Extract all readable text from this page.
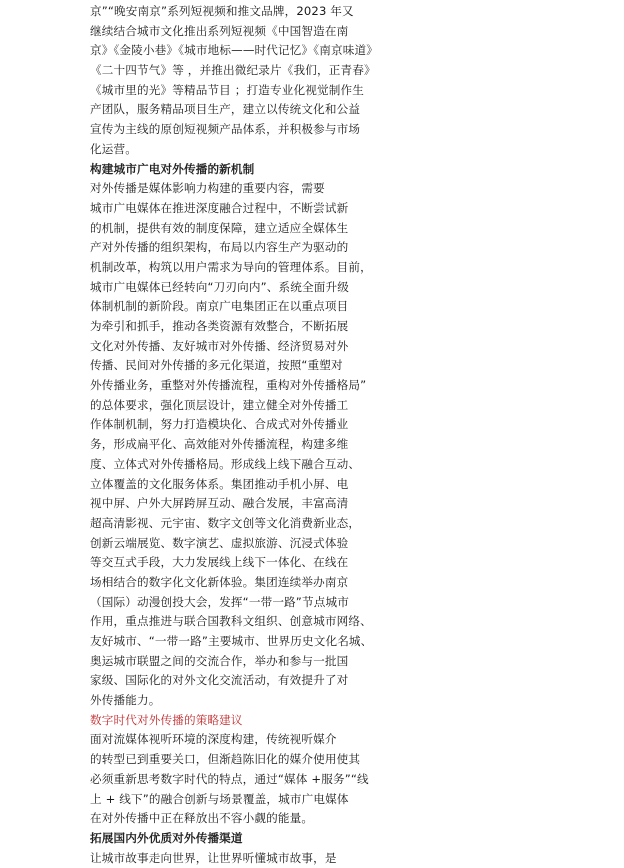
京”“晚安南京”系列短视频和推文品牌，2023 年又
继续结合城市文化推出系列短视频《中国智造在南
京》《金陵小巷》《城市地标——时代记忆》《南京味道》
《二十四节气》等 ，并推出微纪录片《我们，正青春》
《城市里的光》等精品节目 ；打造专业化视觉制作生
产团队，服务精品项目生产，建立以传统文化和公益
宣传为主线的原创短视频产品体系，并积极参与市场
化运营。
构建城市广电对外传播的新机制
对外传播是媒体影响力构建的重要内容，需要
城市广电媒体在推进深度融合过程中，不断尝试新
的机制，提供有效的制度保障，建立适应全媒体生
产对外传播的组织架构，布局以内容生产为驱动的
机制改革，构筑以用户需求为导向的管理体系。目前，
城市广电媒体已经转向“刀刃向内”、系统全面升级
体制机制的新阶段。南京广电集团正在以重点项目
为牵引和抓手，推动各类资源有效整合，不断拓展
文化对外传播、友好城市对外传播、经济贸易对外
传播、民间对外传播的多元化渠道，按照“重塑对
外传播业务，重整对外传播流程，重构对外传播格局”
的总体要求，强化顶层设计，建立健全对外传播工
作体制机制，努力打造模块化、合成式对外传播业
务，形成扁平化、高效能对外传播流程，构建多维
度、立体式对外传播格局。形成线上线下融合互动、
立体覆盖的文化服务体系。集团推动手机小屏、电
视中屏、户外大屏跨屏互动、融合发展，丰富高清
超高清影视、元宇宙、数字文创等文化消费新业态，
创新云端展览、数字演艺、虚拟旅游、沉浸式体验
等交互式手段，大力发展线上线下一体化、在线在
场相结合的数字化文化新体验。集团连续举办南京
（国际）动漫创投大会，发挥“一带一路”节点城市
作用，重点推进与联合国教科文组织、创意城市网络、
友好城市、“一带一路”主要城市、世界历史文化名城、
奥运城市联盟之间的交流合作，举办和参与一批国
家级、国际化的对外文化交流活动，有效提升了对
外传播能力。
数字时代对外传播的策略建议
面对流媒体视听环境的深度构建，传统视听媒介
的转型已到重要关口，但渐趋陈旧化的媒介使用使其
必须重新思考数字时代的特点，通过“媒体 +服务”“线
上 + 线下”的融合创新与场景覆盖，城市广电媒体
在对外传播中正在释放出不容小觑的能量。
拓展国内外优质对外传播渠道
让城市故事走向世界，让世界听懂城市故事，是
